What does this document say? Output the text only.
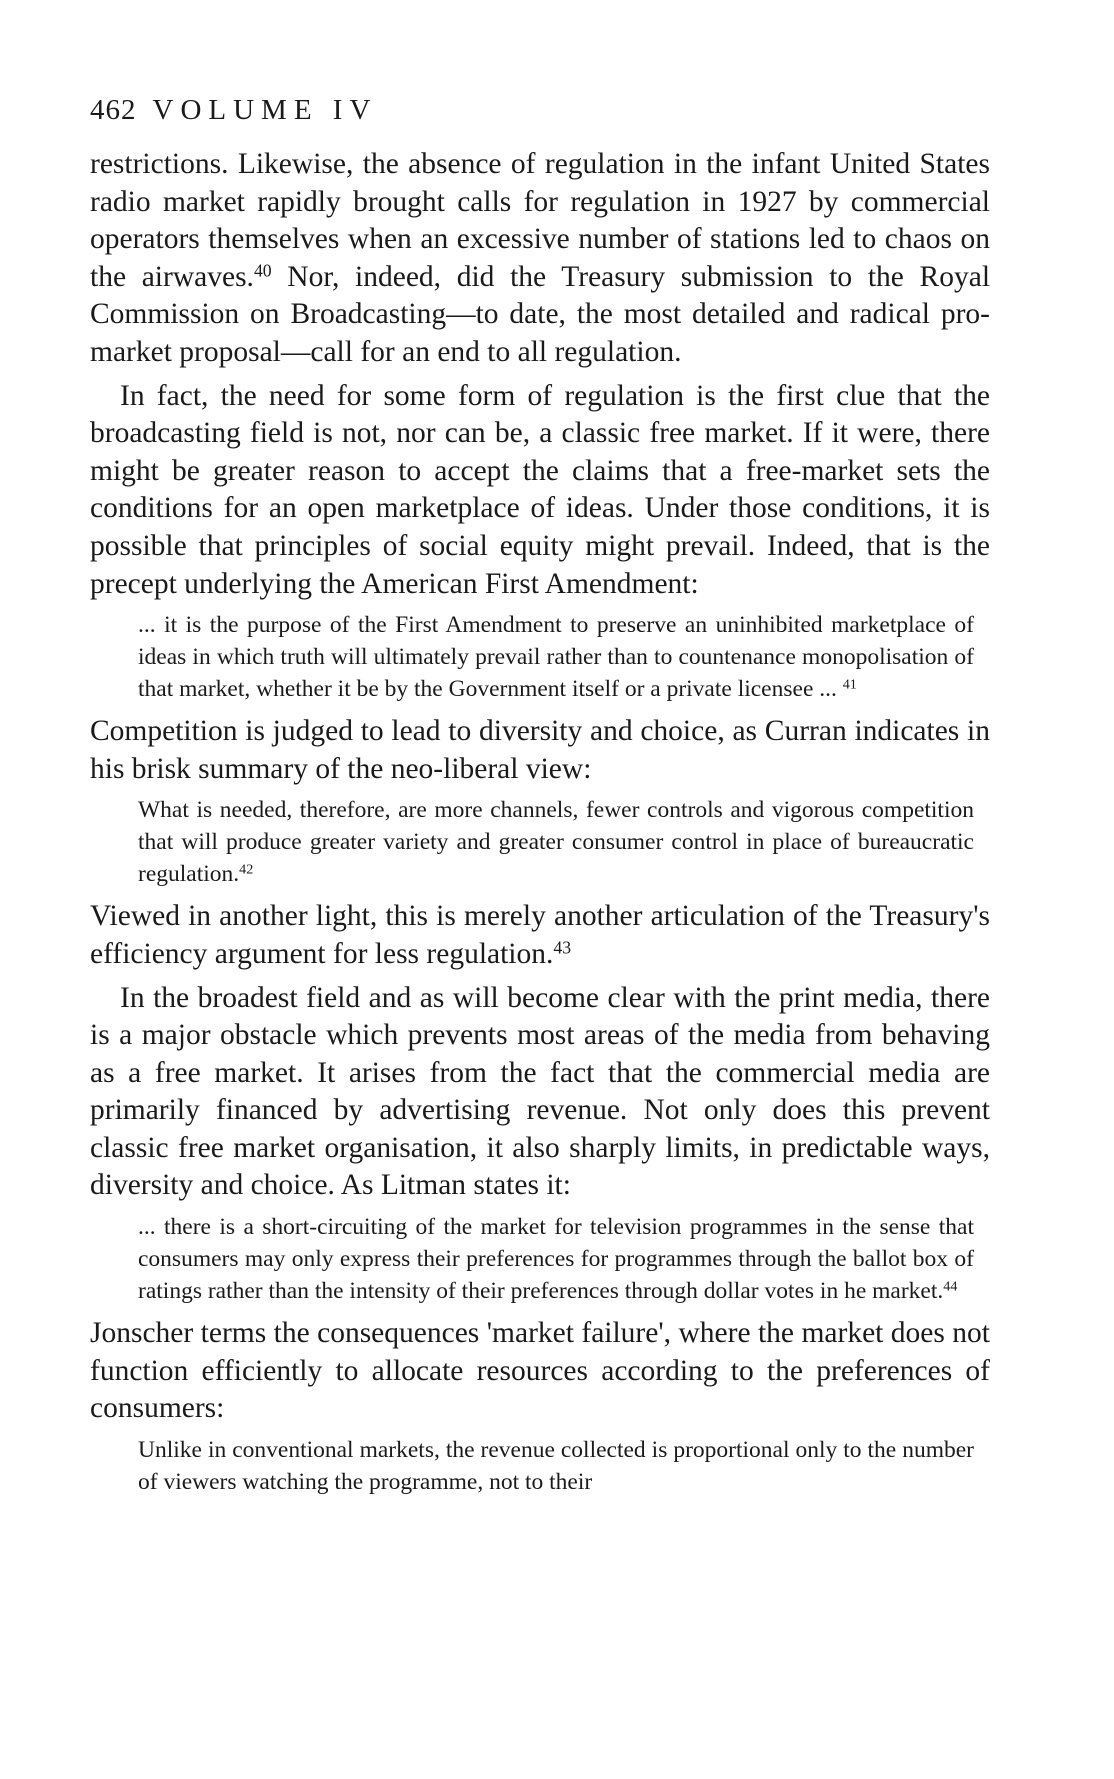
462 VOLUME IV

restrictions. Likewise, the absence of regulation in the infant United States radio market rapidly brought calls for regulation in 1927 by commercial operators themselves when an excessive number of stations led to chaos on the airwaves.$^{40}$ Nor, indeed, did the Treasury submission to the Royal Commission on Broadcasting—to date, the most detailed and radical pro-market proposal—call for an end to all regulation.

In fact, the need for some form of regulation is the first clue that the broadcasting field is not, nor can be, a classic free market. If it were, there might be greater reason to accept the claims that a free-market sets the conditions for an open marketplace of ideas. Under those conditions, it is possible that principles of social equity might prevail. Indeed, that is the precept underlying the American First Amendment:

... it is the purpose of the First Amendment to preserve an uninhibited marketplace of ideas in which truth will ultimately prevail rather than to countenance monopolisation of that market, whether it be by the Government itself or a private licensee ... $^{41}$

Competition is judged to lead to diversity and choice, as Curran indicates in his brisk summary of the neo-liberal view:

What is needed, therefore, are more channels, fewer controls and vigorous competition that will produce greater variety and greater consumer control in place of bureaucratic regulation.$^{42}$

Viewed in another light, this is merely another articulation of the Treasury's efficiency argument for less regulation.$^{43}$

In the broadest field and as will become clear with the print media, there is a major obstacle which prevents most areas of the media from behaving as a free market. It arises from the fact that the commercial media are primarily financed by advertising revenue. Not only does this prevent classic free market organisation, it also sharply limits, in predictable ways, diversity and choice. As Litman states it:

... there is a short-circuiting of the market for television programmes in the sense that consumers may only express their preferences for programmes through the ballot box of ratings rather than the intensity of their preferences through dollar votes in he market.$^{44}$

Jonscher terms the consequences 'market failure', where the market does not function efficiently to allocate resources according to the preferences of consumers:

Unlike in conventional markets, the revenue collected is proportional only to the number of viewers watching the programme, not to their
